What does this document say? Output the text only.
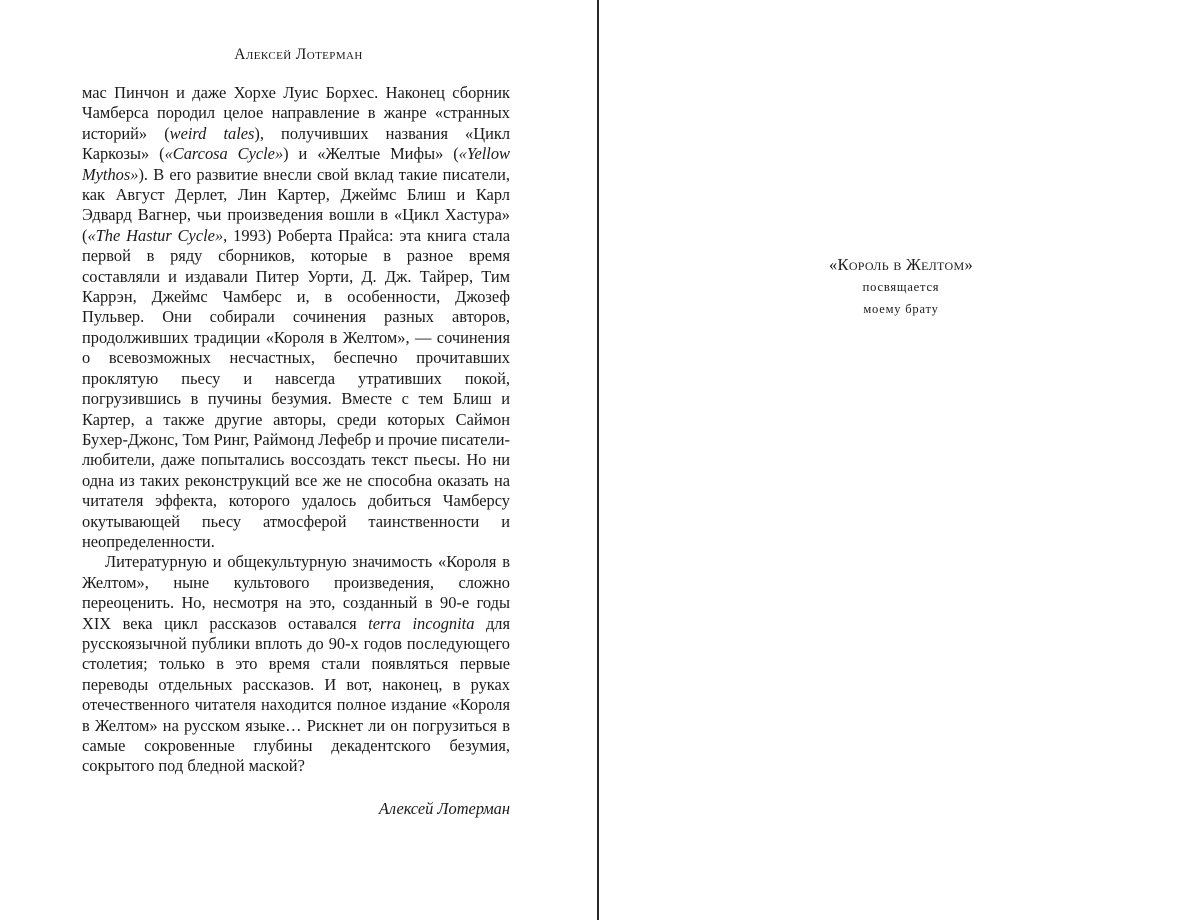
Алексей Лотерман

мас Пинчон и даже Хорхе Луис Борхес. Наконец сборник Чамберса породил целое направление в жанре «странных историй» (weird tales), получивших названия «Цикл Каркозы» («Carcosa Cycle») и «Желтые Мифы» («Yellow Mythos»). В его развитие внесли свой вклад такие писатели, как Август Дерлет, Лин Картер, Джеймс Блиш и Карл Эдвард Вагнер, чьи произведения вошли в «Цикл Хастура» («The Hastur Cycle», 1993) Роберта Прайса: эта книга стала первой в ряду сборников, которые в разное время составляли и издавали Питер Уорти, Д. Дж. Тайрер, Тим Каррэн, Джеймс Чамберс и, в особенности, Джозеф Пульвер. Они собирали сочинения разных авторов, продолживших традиции «Короля в Желтом», — сочинения о всевозможных несчастных, беспечно прочитавших проклятую пьесу и навсегда утративших покой, погрузившись в пучины безумия. Вместе с тем Блиш и Картер, а также другие авторы, среди которых Саймон Бухер-Джонс, Том Ринг, Раймонд Лефебр и прочие писатели-любители, даже попытались воссоздать текст пьесы. Но ни одна из таких реконструкций все же не способна оказать на читателя эффекта, которого удалось добиться Чамберсу окутывающей пьесу атмосферой таинственности и неопределенности.

Литературную и общекультурную значимость «Короля в Желтом», ныне культового произведения, сложно переоценить. Но, несмотря на это, созданный в 90-е годы XIX века цикл рассказов оставался terra incognita для русскоязычной публики вплоть до 90-х годов последующего столетия; только в это время стали появляться первые переводы отдельных рассказов. И вот, наконец, в руках отечественного читателя находится полное издание «Короля в Желтом» на русском языке… Рискнет ли он погрузиться в самые сокровенные глубины декадентского безумия, сокрытого под бледной маской?

Алексей Лотерман
«Король в Желтом»
посвящается
моему брату
